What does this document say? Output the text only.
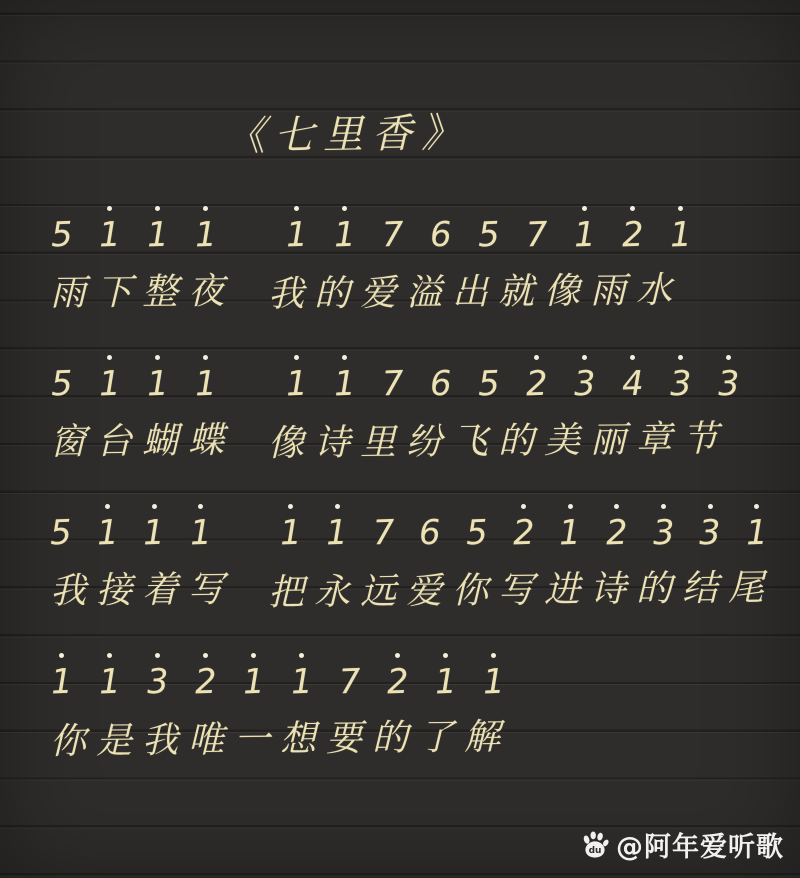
《七里香》
5 1 1 1 1 1 7 6 5 7 1 2 1
雨下整夜 我的爱溢出就像雨水
5 1 1 1 1 1 7 6 5 2 3 4 3 3
窗台蝴蝶 像诗里纷飞的美丽章节
5 1 1 1 1 1 7 6 5 2 1 2 3 3 1
我接着写 把永远爱你写进诗的结尾
1 1 3 2 1 1 7 2 1 1
你是我唯一想要的了解
du @阿年爱听歌
